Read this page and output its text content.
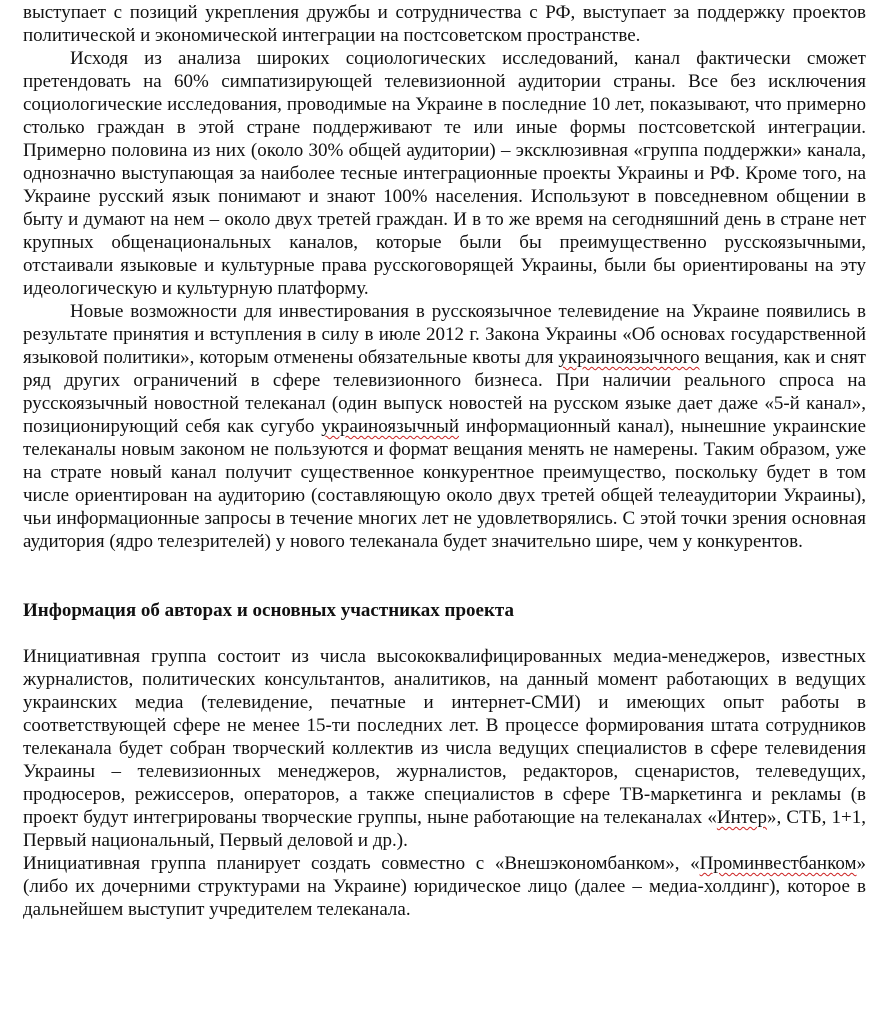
выступает с позиций укрепления дружбы и сотрудничества с РФ, выступает за поддержку проектов политической и экономической интеграции на постсоветском пространстве.

Исходя из анализа широких социологических исследований, канал фактически сможет претендовать на 60% симпатизирующей телевизионной аудитории страны. Все без исключения социологические исследования, проводимые на Украине в последние 10 лет, показывают, что примерно столько граждан в этой стране поддерживают те или иные формы постсоветской интеграции. Примерно половина из них (около 30% общей аудитории) – эксклюзивная «группа поддержки» канала, однозначно выступающая за наиболее тесные интеграционные проекты Украины и РФ. Кроме того, на Украине русский язык понимают и знают 100% населения. Используют в повседневном общении в быту и думают на нем – около двух третей граждан. И в то же время на сегодняшний день в стране нет крупных общенациональных каналов, которые были бы преимущественно русскоязычными, отстаивали языковые и культурные права русскоговорящей Украины, были бы ориентированы на эту идеологическую и культурную платформу.

Новые возможности для инвестирования в русскоязычное телевидение на Украине появились в результате принятия и вступления в силу в июле 2012 г. Закона Украины «Об основах государственной языковой политики», которым отменены обязательные квоты для украиноязычного вещания, как и снят ряд других ограничений в сфере телевизионного бизнеса. При наличии реального спроса на русскоязычный новостной телеканал (один выпуск новостей на русском языке дает даже «5-й канал», позиционирующий себя как сугубо украиноязычный информационный канал), нынешние украинские телеканалы новым законом не пользуются и формат вещания менять не намерены. Таким образом, уже на страте новый канал получит существенное конкурентное преимущество, поскольку будет в том числе ориентирован на аудиторию (составляющую около двух третей общей телеаудитории Украины), чьи информационные запросы в течение многих лет не удовлетворялись. С этой точки зрения основная аудитория (ядро телезрителей) у нового телеканала будет значительно шире, чем у конкурентов.

Информация об авторах и основных участниках проекта

Инициативная группа состоит из числа высококвалифицированных медиа-менеджеров, известных журналистов, политических консультантов, аналитиков, на данный момент работающих в ведущих украинских медиа (телевидение, печатные и интернет-СМИ) и имеющих опыт работы в соответствующей сфере не менее 15-ти последних лет. В процессе формирования штата сотрудников телеканала будет собран творческий коллектив из числа ведущих специалистов в сфере телевидения Украины – телевизионных менеджеров, журналистов, редакторов, сценаристов, телеведущих, продюсеров, режиссеров, операторов, а также специалистов в сфере ТВ-маркетинга и рекламы (в проект будут интегрированы творческие группы, ныне работающие на телеканалах «Интер», СТБ, 1+1, Первый национальный, Первый деловой и др.).

Инициативная группа планирует создать совместно с «Внешэкономбанком», «Проминвестбанком» (либо их дочерними структурами на Украине) юридическое лицо (далее – медиа-холдинг), которое в дальнейшем выступит учредителем телеканала.
